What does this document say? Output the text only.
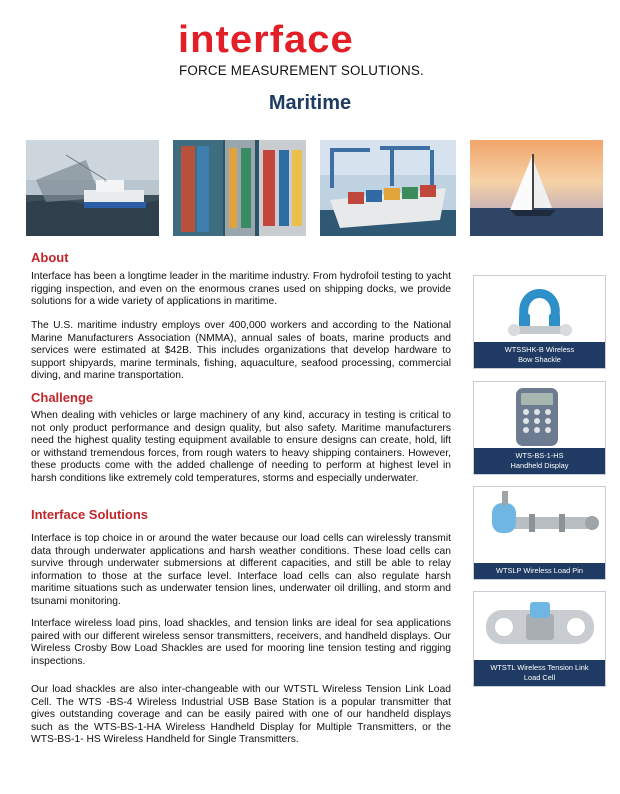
interface
FORCE MEASUREMENT SOLUTIONS.
Maritime
About
Interface has been a longtime leader in the maritime industry. From hydrofoil testing to yacht rigging inspection, and even on the enormous cranes used on shipping docks, we provide solutions for a wide variety of applications in maritime.
The U.S. maritime industry employs over 400,000 workers and according to the National Marine Manufacturers Association (NMMA), annual sales of boats, marine products and services were estimated at $42B. This includes organizations that develop hardware to support shipyards, marine terminals, fishing, aquaculture, seafood processing, commercial diving, and marine transportation.
Challenge
When dealing with vehicles or large machinery of any kind, accuracy in testing is critical to not only product performance and design quality, but also safety. Maritime manufacturers need the highest quality testing equipment available to ensure designs can create, hold, lift or withstand tremendous forces, from rough waters to heavy shipping containers. However, these products come with the added challenge of needing to perform at highest level in harsh conditions like extremely cold temperatures, storms and especially underwater.
Interface Solutions
Interface is top choice in or around the water because our load cells can wirelessly transmit data through underwater applications and harsh weather conditions. These load cells can survive through underwater submersions at different capacities, and still be able to relay information to those at the surface level. Interface load cells can also regulate harsh maritime situations such as underwater tension lines, underwater oil drilling, and storm and tsunami monitoring.
Interface wireless load pins, load shackles, and tension links are ideal for sea applications paired with our different wireless sensor transmitters, receivers, and handheld displays. Our Wireless Crosby Bow Load Shackles are used for mooring line tension testing and rigging inspections.
Our load shackles are also inter-changeable with our WTSTL Wireless Tension Link Load Cell. The WTS -BS-4 Wireless Industrial USB Base Station is a popular transmitter that gives outstanding coverage and can be easily paired with one of our handheld displays such as the WTS-BS-1-HA Wireless Handheld Display for Multiple Transmitters, or the WTS-BS-1- HS Wireless Handheld for Single Transmitters.
WTSSHK-B Wireless
Bow Shackle
WTS-BS-1-HS
Handheld Display
WTSLP Wireless Load Pin
WTSTL Wireless Tension Link
Load Cell
